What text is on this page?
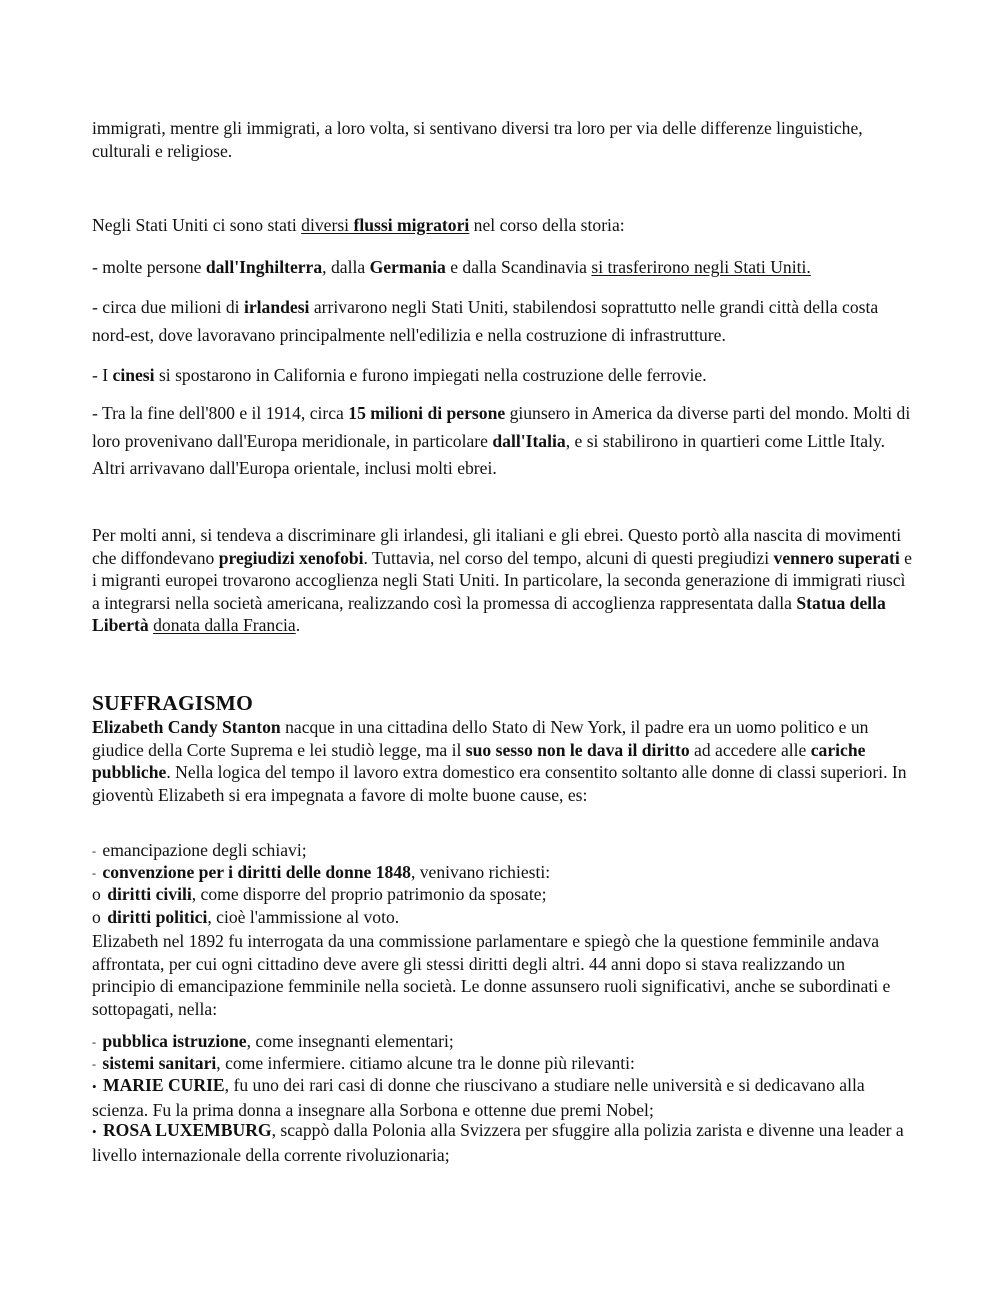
immigrati, mentre gli immigrati, a loro volta, si sentivano diversi tra loro per via delle differenze linguistiche, culturali e religiose.

Negli Stati Uniti ci sono stati diversi flussi migratori nel corso della storia:

- molte persone dall'Inghilterra, dalla Germania e dalla Scandinavia si trasferirono negli Stati Uniti.

- circa due milioni di irlandesi arrivarono negli Stati Uniti, stabilendosi soprattutto nelle grandi città della costa nord-est, dove lavoravano principalmente nell'edilizia e nella costruzione di infrastrutture.

- I cinesi si spostarono in California e furono impiegati nella costruzione delle ferrovie.

- Tra la fine dell'800 e il 1914, circa 15 milioni di persone giunsero in America da diverse parti del mondo. Molti di loro provenivano dall'Europa meridionale, in particolare dall'Italia, e si stabilirono in quartieri come Little Italy. Altri arrivavano dall'Europa orientale, inclusi molti ebrei.

Per molti anni, si tendeva a discriminare gli irlandesi, gli italiani e gli ebrei. Questo portò alla nascita di movimenti che diffondevano pregiudizi xenofobi. Tuttavia, nel corso del tempo, alcuni di questi pregiudizi vennero superati e i migranti europei trovarono accoglienza negli Stati Uniti. In particolare, la seconda generazione di immigrati riuscì a integrarsi nella società americana, realizzando così la promessa di accoglienza rappresentata dalla Statua della Libertà donata dalla Francia.

SUFFRAGISMO

Elizabeth Candy Stanton nacque in una cittadina dello Stato di New York, il padre era un uomo politico e un giudice della Corte Suprema e lei studiò legge, ma il suo sesso non le dava il diritto ad accedere alle cariche pubbliche. Nella logica del tempo il lavoro extra domestico era consentito soltanto alle donne di classi superiori. In gioventù Elizabeth si era impegnata a favore di molte buone cause, es:

- emancipazione degli schiavi;

- convenzione per i diritti delle donne 1848, venivano richiesti:

o diritti civili, come disporre del proprio patrimonio da sposate;

o diritti politici, cioè l'ammissione al voto.

Elizabeth nel 1892 fu interrogata da una commissione parlamentare e spiegò che la questione femminile andava affrontata, per cui ogni cittadino deve avere gli stessi diritti degli altri. 44 anni dopo si stava realizzando un principio di emancipazione femminile nella società. Le donne assunsero ruoli significativi, anche se subordinati e sottopagati, nella:

- pubblica istruzione, come insegnanti elementari;

- sistemi sanitari, come infermiere. citiamo alcune tra le donne più rilevanti:

• MARIE CURIE, fu uno dei rari casi di donne che riuscivano a studiare nelle università e si dedicavano alla scienza. Fu la prima donna a insegnare alla Sorbona e ottenne due premi Nobel;

• ROSA LUXEMBURG, scappò dalla Polonia alla Svizzera per sfuggire alla polizia zarista e divenne una leader a livello internazionale della corrente rivoluzionaria;
